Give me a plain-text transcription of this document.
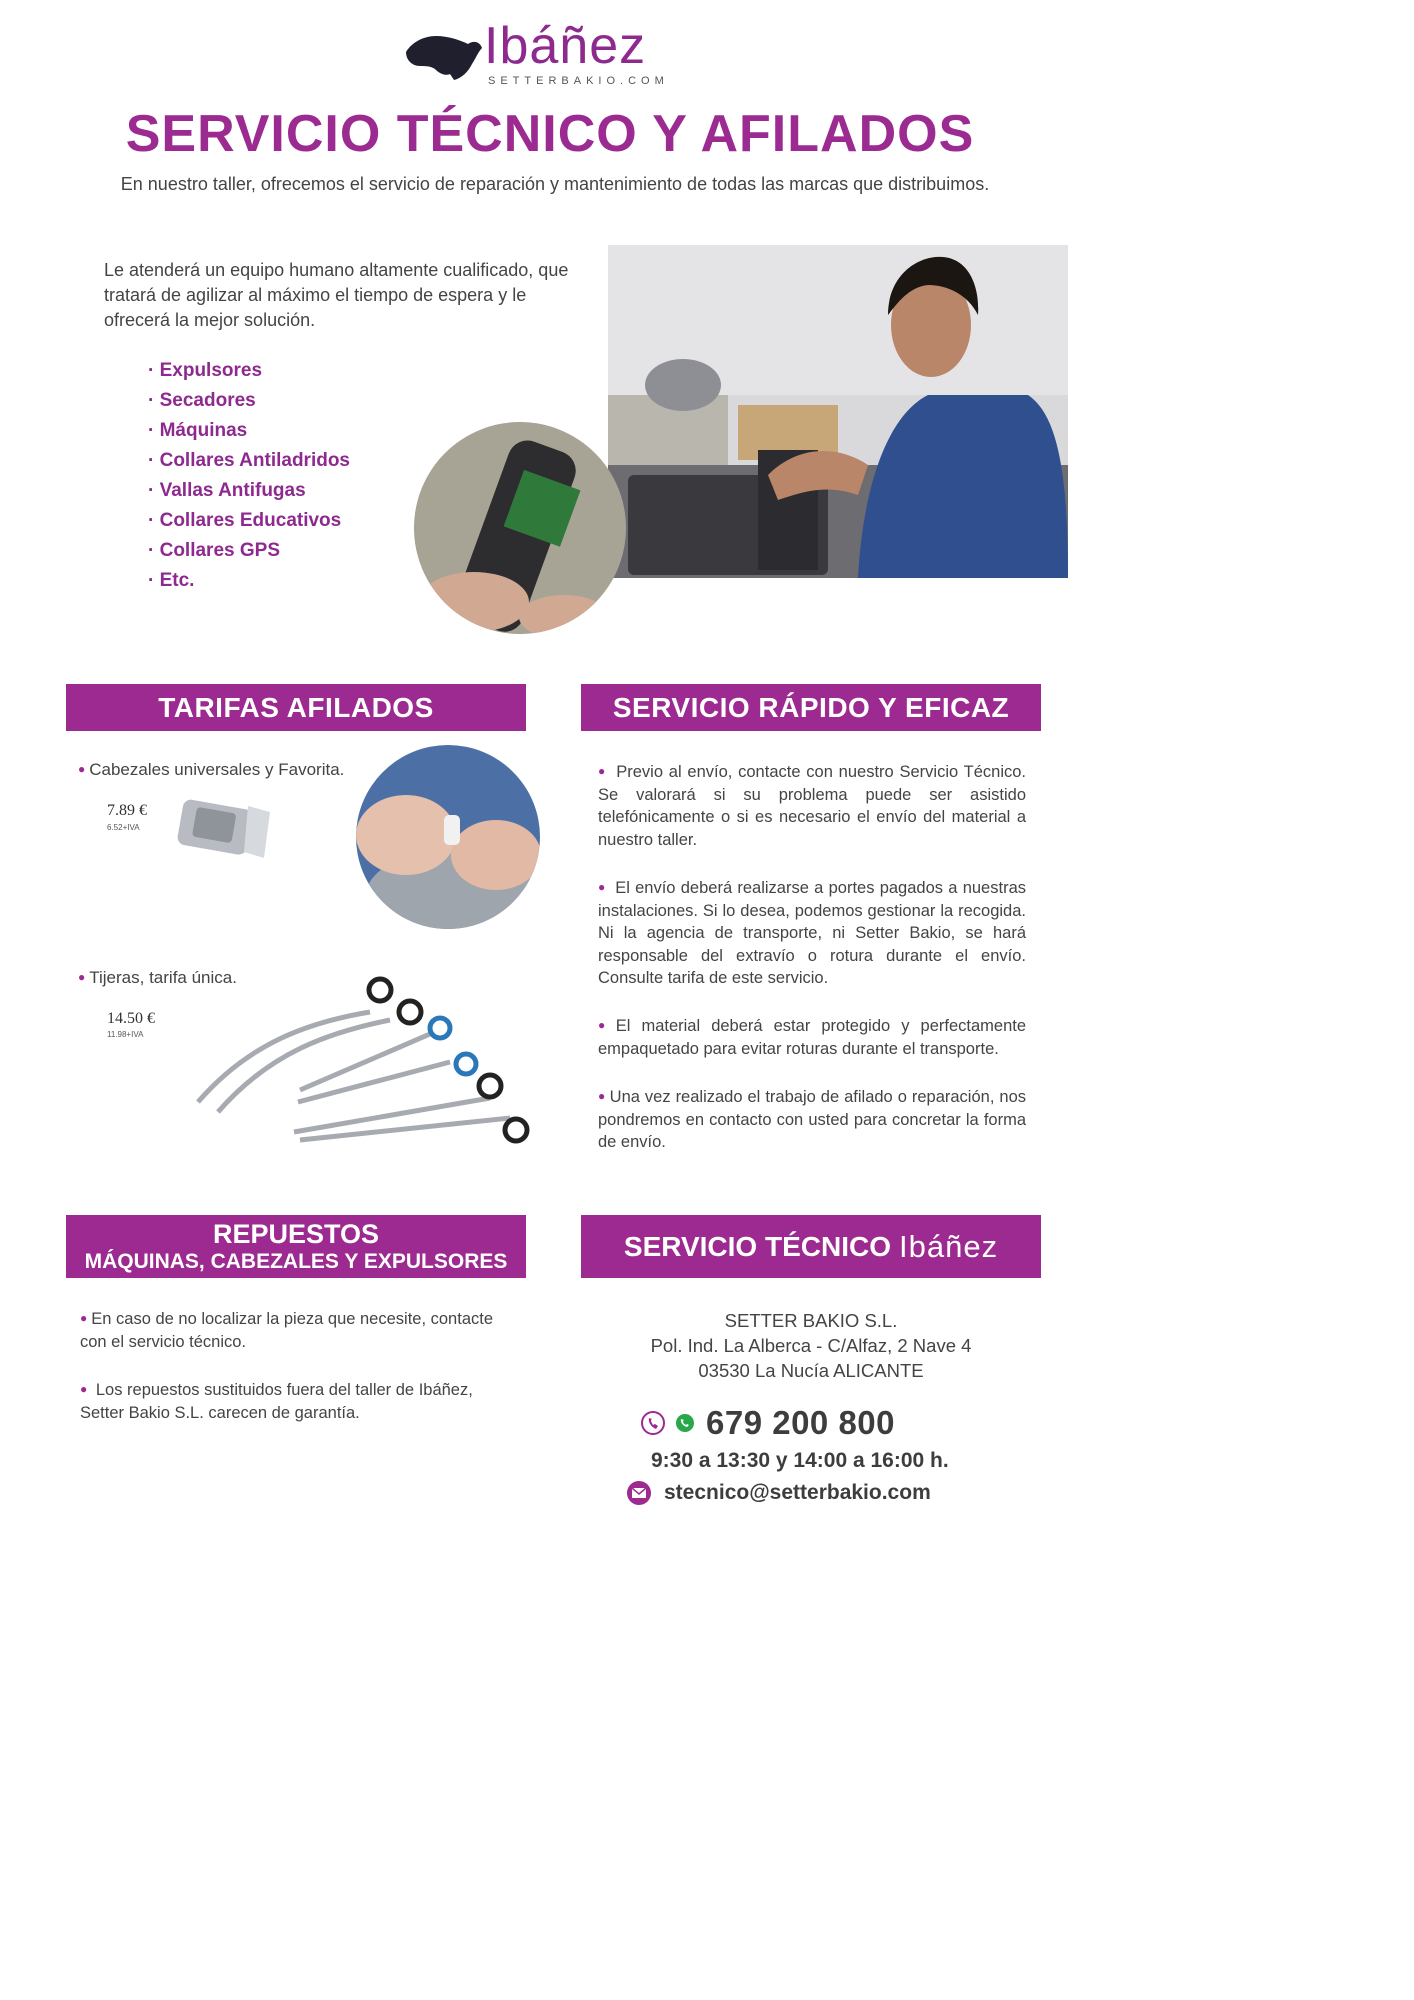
Ibáñez
SETTERBAKIO.COM
SERVICIO TÉCNICO Y AFILADOS

En nuestro taller, ofrecemos el servicio de reparación y mantenimiento de todas las marcas que distribuimos.

Le atenderá un equipo humano altamente cualificado, que tratará de agilizar al máximo el tiempo de espera y le ofrecerá la mejor solución.

· Expulsores
· Secadores
· Máquinas
· Collares Antiladridos
· Vallas Antifugas
· Collares Educativos
· Collares GPS
· Etc.
TARIFAS AFILADOS	SERVICIO RÁPIDO Y EFICAZ
REPUESTOS
MÁQUINAS, CABEZALES Y EXPULSORES	SERVICIO TÉCNICO Ibáñez
● Cabezales universales y Favorita.
7.89 €
6.52+IVA
● Tijeras, tarifa única.
14.50 €
11.98+IVA

● Previo al envío, contacte con nuestro Servicio Técnico. Se valorará si su problema puede ser asistido telefónicamente o si es necesario el envío del material a nuestro taller.

● El envío deberá realizarse a portes pagados a nuestras instalaciones. Si lo desea, podemos gestionar la recogida. Ni la agencia de transporte, ni Setter Bakio, se hará responsable del extravío o rotura durante el envío. Consulte tarifa de este servicio.

● El material deberá estar protegido y perfectamente empaquetado para evitar roturas durante el transporte.

● Una vez realizado el trabajo de afilado o reparación, nos pondremos en contacto con usted para concretar la forma de envío.

● En caso de no localizar la pieza que necesite, contacte con el servicio técnico.

● Los repuestos sustituidos fuera del taller de Ibáñez, Setter Bakio S.L. carecen de garantía.

SETTER BAKIO S.L.
Pol. Ind. La Alberca - C/Alfaz, 2 Nave 4
03530 La Nucía ALICANTE
679 200 800
9:30 a 13:30 y 14:00 a 16:00 h.
stecnico@setterbakio.com
